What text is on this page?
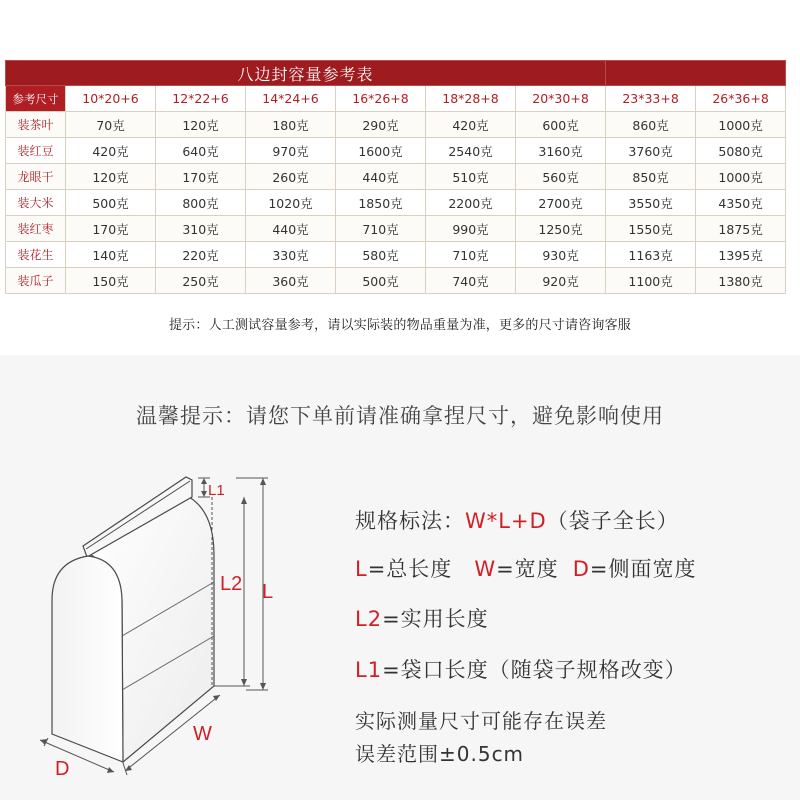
八边封容量参考表								
参考尺寸	10*20+6	12*22+6	14*24+6	16*26+8	18*28+8	20*30+8	23*33+8	26*36+8
装茶叶	70克	120克	180克	290克	420克	600克	860克	1000克
装红豆	420克	640克	970克	1600克	2540克	3160克	3760克	5080克
龙眼干	120克	170克	260克	440克	510克	560克	850克	1000克
装大米	500克	800克	1020克	1850克	2200克	2700克	3550克	4350克
装红枣	170克	310克	440克	710克	990克	1250克	1550克	1875克
装花生	140克	220克	330克	580克	710克	930克	1163克	1395克
装瓜子	150克	250克	360克	500克	740克	920克	1100克	1380克
提示：人工测试容量参考，请以实际装的物品重量为准，更多的尺寸请咨询客服
温馨提示：请您下单前请准确拿捏尺寸，避免影响使用
规格标法：W*L+D（袋子全长）
L=总长度 W=宽度 D=侧面宽度
L2=实用长度
L1=袋口长度（随袋子规格改变）
实际测量尺寸可能存在误差
误差范围±0.5cm
L1
L2 L
W
D
